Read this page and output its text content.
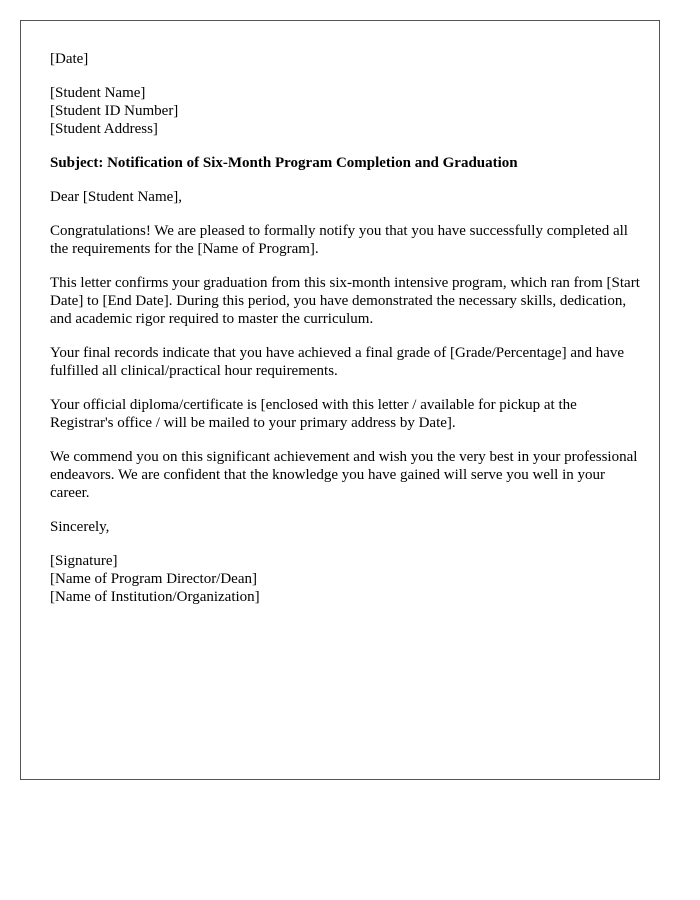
[Date]
[Student Name]
[Student ID Number]
[Student Address]
Subject: Notification of Six-Month Program Completion and Graduation
Dear [Student Name],

Congratulations! We are pleased to formally notify you that you have successfully completed all the requirements for the [Name of Program].

This letter confirms your graduation from this six-month intensive program, which ran from [Start Date] to [End Date]. During this period, you have demonstrated the necessary skills, dedication, and academic rigor required to master the curriculum.

Your final records indicate that you have achieved a final grade of [Grade/Percentage] and have fulfilled all clinical/practical hour requirements.

Your official diploma/certificate is [enclosed with this letter / available for pickup at the Registrar's office / will be mailed to your primary address by Date].

We commend you on this significant achievement and wish you the very best in your professional endeavors. We are confident that the knowledge you have gained will serve you well in your career.

Sincerely,
[Signature]
[Name of Program Director/Dean]
[Name of Institution/Organization]
